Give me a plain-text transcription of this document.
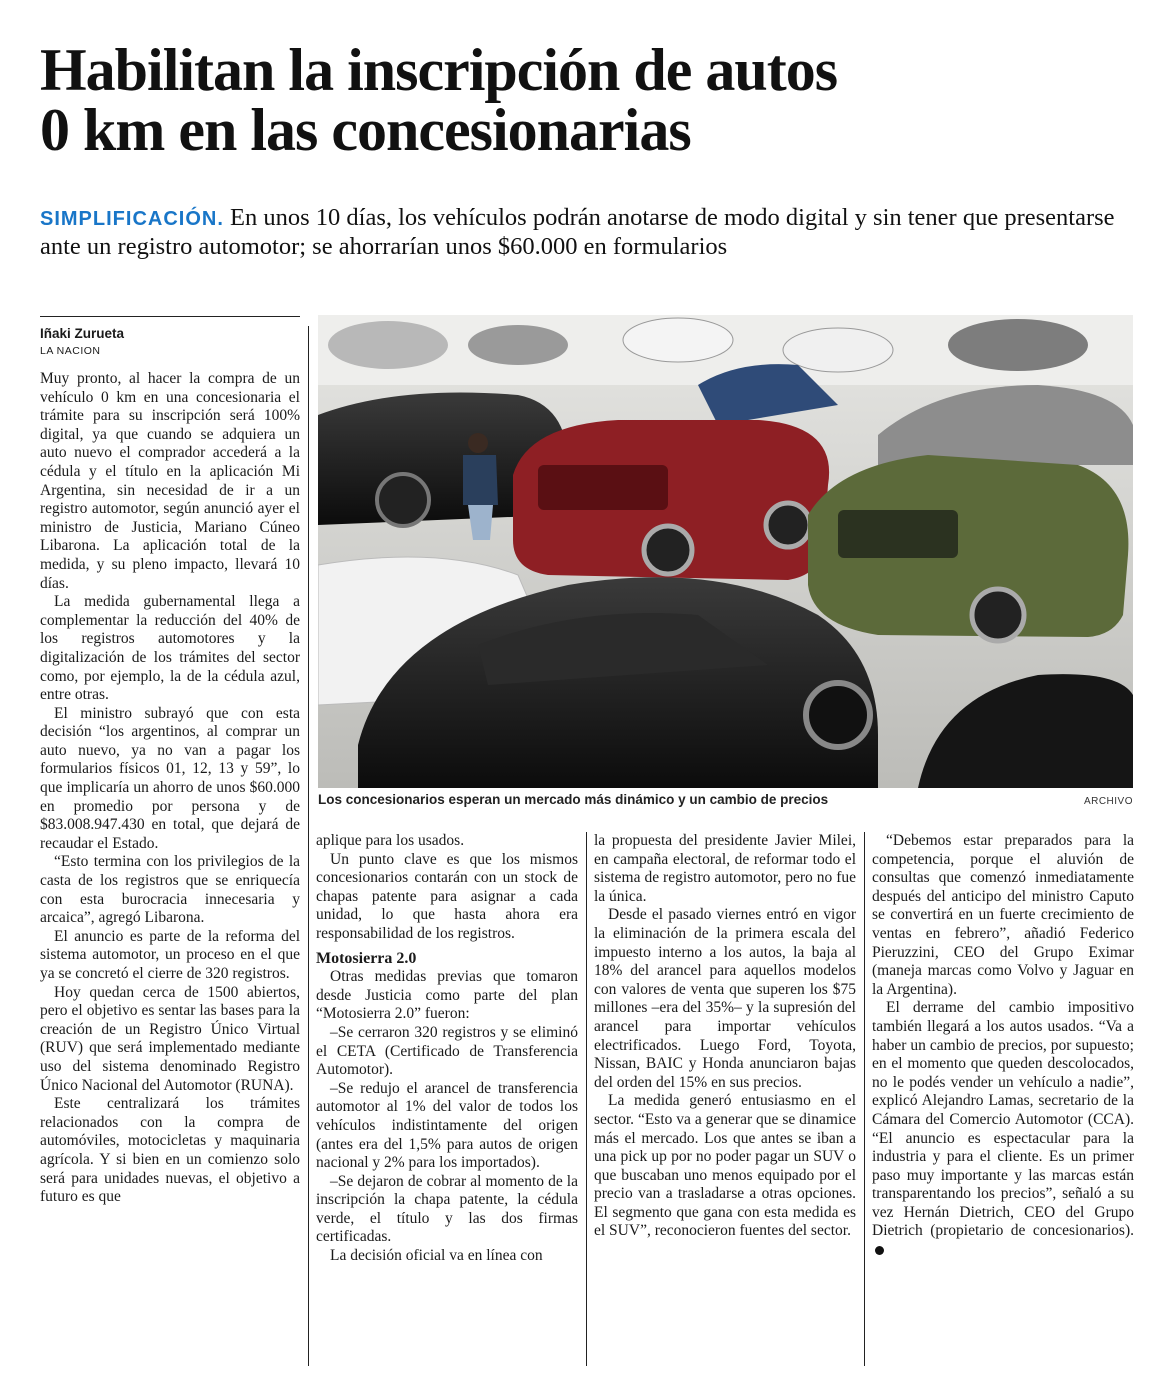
Habilitan la inscripción de autos
0 km en las concesionarias

SIMPLIFICACIÓN. En unos 10 días, los vehículos podrán anotarse de modo digital y sin tener que presentarse ante un registro automotor; se ahorrarían unos $60.000 en formularios

Iñaki Zurueta
LA NACION
Los concesionarios esperan un mercado más dinámico y un cambio de precios	ARCHIVO

Muy pronto, al hacer la compra de un vehículo 0 km en una concesionaria el trámite para su inscripción será 100% digital, ya que cuando se adquiera un auto nuevo el comprador accederá a la cédula y el título en la aplicación Mi Argentina, sin necesidad de ir a un registro automotor, según anunció ayer el ministro de Justicia, Mariano Cúneo Libarona. La aplicación total de la medida, y su pleno impacto, llevará 10 días.

La medida gubernamental llega a complementar la reducción del 40% de los registros automotores y la digitalización de los trámites del sector como, por ejemplo, la de la cédula azul, entre otras.

El ministro subrayó que con esta decisión “los argentinos, al comprar un auto nuevo, ya no van a pagar los formularios físicos 01, 12, 13 y 59”, lo que implicaría un ahorro de unos $60.000 en promedio por persona y de $83.008.947.430 en total, que dejará de recaudar el Estado.

“Esto termina con los privilegios de la casta de los registros que se enriquecía con esta burocracia innecesaria y arcaica”, agregó Libarona.

El anuncio es parte de la reforma del sistema automotor, un proceso en el que ya se concretó el cierre de 320 registros.

Hoy quedan cerca de 1500 abiertos, pero el objetivo es sentar las bases para la creación de un Registro Único Virtual (RUV) que será implementado mediante uso del sistema denominado Registro Único Nacional del Automotor (RUNA).

Este centralizará los trámites relacionados con la compra de automóviles, motocicletas y maquinaria agrícola. Y si bien en un comienzo solo será para unidades nuevas, el objetivo a futuro es que

aplique para los usados.

Un punto clave es que los mismos concesionarios contarán con un stock de chapas patente para asignar a cada unidad, lo que hasta ahora era responsabilidad de los registros.

Motosierra 2.0

Otras medidas previas que tomaron desde Justicia como parte del plan “Motosierra 2.0” fueron:

–Se cerraron 320 registros y se eliminó el CETA (Certificado de Transferencia Automotor).

–Se redujo el arancel de transferencia automotor al 1% del valor de todos los vehículos indistintamente del origen (antes era del 1,5% para autos de origen nacional y 2% para los importados).

–Se dejaron de cobrar al momento de la inscripción la chapa patente, la cédula verde, el título y las dos firmas certificadas.

La decisión oficial va en línea con

la propuesta del presidente Javier Milei, en campaña electoral, de reformar todo el sistema de registro automotor, pero no fue la única.

Desde el pasado viernes entró en vigor la eliminación de la primera escala del impuesto interno a los autos, la baja al 18% del arancel para aquellos modelos con valores de venta que superen los $75 millones –era del 35%– y la supresión del arancel para importar vehículos electrificados. Luego Ford, Toyota, Nissan, BAIC y Honda anunciaron bajas del orden del 15% en sus precios.

La medida generó entusiasmo en el sector. “Esto va a generar que se dinamice más el mercado. Los que antes se iban a una pick up por no poder pagar un SUV o que buscaban uno menos equipado por el precio van a trasladarse a otras opciones. El segmento que gana con esta medida es el SUV”, reconocieron fuentes del sector.

“Debemos estar preparados para la competencia, porque el aluvión de consultas que comenzó inmediatamente después del anticipo del ministro Caputo se convertirá en un fuerte crecimiento de ventas en febrero”, añadió Federico Pieruzzini, CEO del Grupo Eximar (maneja marcas como Volvo y Jaguar en la Argentina).

El derrame del cambio impositivo también llegará a los autos usados. “Va a haber un cambio de precios, por supuesto; en el momento que queden descolocados, no le podés vender un vehículo a nadie”, explicó Alejandro Lamas, secretario de la Cámara del Comercio Automotor (CCA). “El anuncio es espectacular para la industria y para el cliente. Es un primer paso muy importante y las marcas están transparentando los precios”, señaló a su vez Hernán Dietrich, CEO del Grupo Dietrich (propietario de concesionarios).
